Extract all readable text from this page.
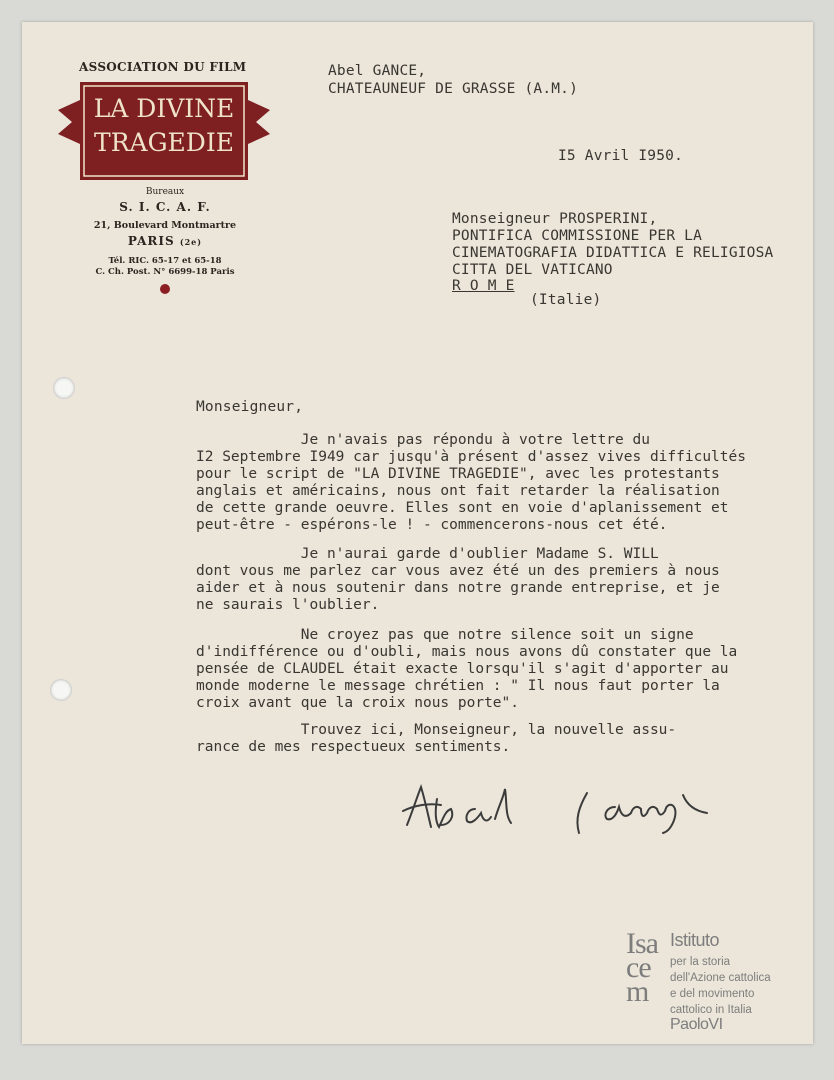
ASSOCIATION DU FILM
LA DIVINE
TRAGEDIE
Bureaux
S. I. C. A. F.
21, Boulevard Montmartre
PARIS (2e)
Tél. RIC. 65-17 et 65-18
C. Ch. Post. N° 6699-18 Paris
Abel GANCE,
CHATEAUNEUF DE GRASSE (A.M.)
I5 Avril I950.
Monseigneur PROSPERINI,
PONTIFICA COMMISSIONE PER LA
CINEMATOGRAFIA DIDATTICA E RELIGIOSA
CITTA DEL VATICANO
R O M E
(Italie)
Monseigneur,
Je n'avais pas répondu à votre lettre du
I2 Septembre I949 car jusqu'à présent d'assez vives difficultés
pour le script de "LA DIVINE TRAGEDIE", avec les protestants
anglais et américains, nous ont fait retarder la réalisation
de cette grande oeuvre. Elles sont en voie d'aplanissement et
peut-être - espérons-le ! - commencerons-nous cet été.
Je n'aurai garde d'oublier Madame S. WILL
dont vous me parlez car vous avez été un des premiers à nous
aider et à nous soutenir dans notre grande entreprise, et je
ne saurais l'oublier.
Ne croyez pas que notre silence soit un signe
d'indifférence ou d'oubli, mais nous avons dû constater que la
pensée de CLAUDEL était exacte lorsqu'il s'agit d'apporter au
monde moderne le message chrétien : " Il nous faut porter la
croix avant que la croix nous porte".
Trouvez ici, Monseigneur, la nouvelle assu-
rance de mes respectueux sentiments.
Isacem
Istituto
per la storia
dell'Azione cattolica
e del movimento
cattolico in Italia
PaoloVI
